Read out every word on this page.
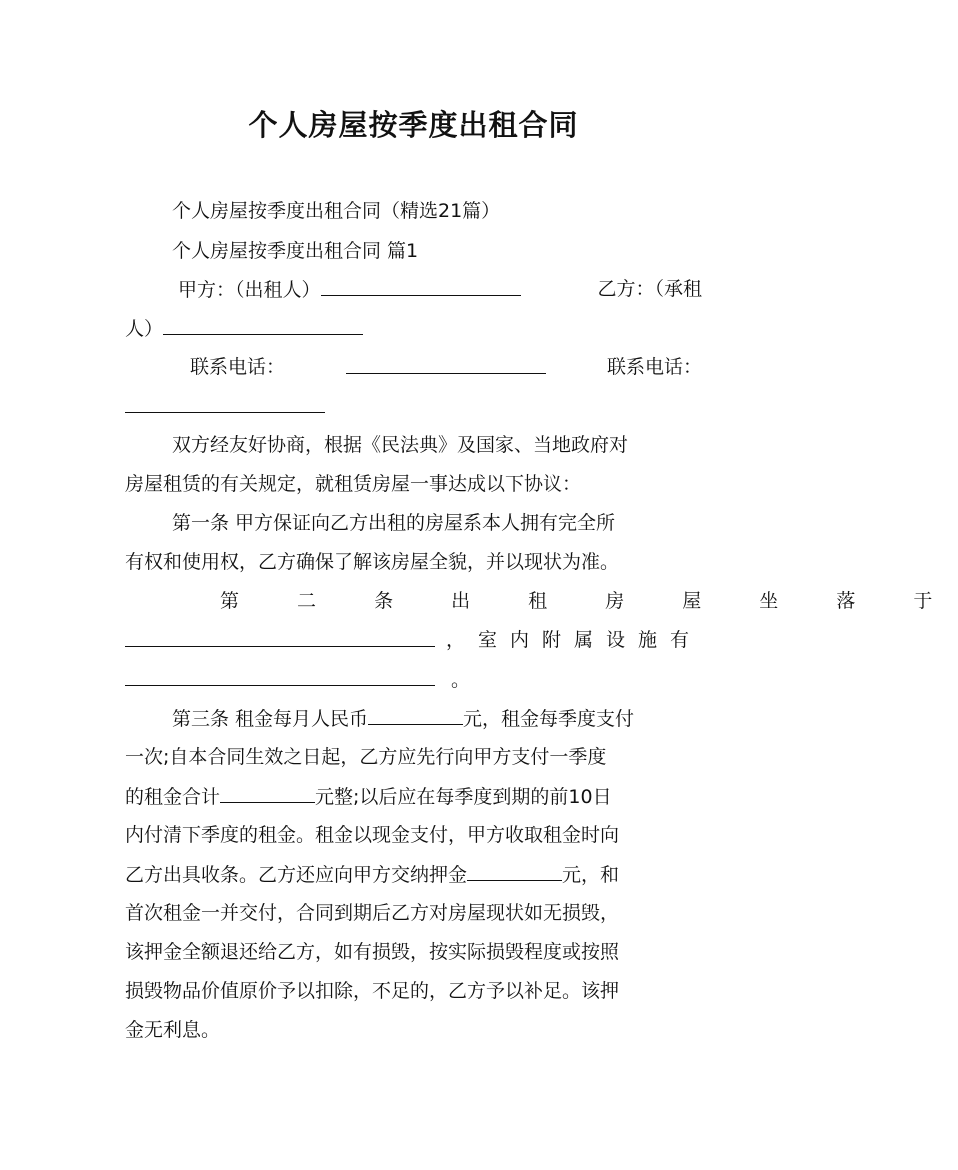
个人房屋按季度出租合同
个人房屋按季度出租合同（精选21篇）
个人房屋按季度出租合同 篇1
甲方：（出租人）	乙方：（承租
人）
联系电话：	联系电话：
双方经友好协商，根据《民法典》及国家、当地政府对
房屋租赁的有关规定，就租赁房屋一事达成以下协议：
第一条 甲方保证向乙方出租的房屋系本人拥有完全所
有权和使用权，乙方确保了解该房屋全貌，并以现状为准。
第 二 条 出 租 房 屋 坐 落 于
，室内附属设施有
。
第三条 租金每月人民币	元，租金每季度支付
一次;自本合同生效之日起，乙方应先行向甲方支付一季度
的租金合计	元整;以后应在每季度到期的前10日
内付清下季度的租金。租金以现金支付，甲方收取租金时向
乙方出具收条。乙方还应向甲方交纳押金	元，和
首次租金一并交付，合同到期后乙方对房屋现状如无损毁，
该押金全额退还给乙方，如有损毁，按实际损毁程度或按照
损毁物品价值原价予以扣除，不足的，乙方予以补足。该押
金无利息。
